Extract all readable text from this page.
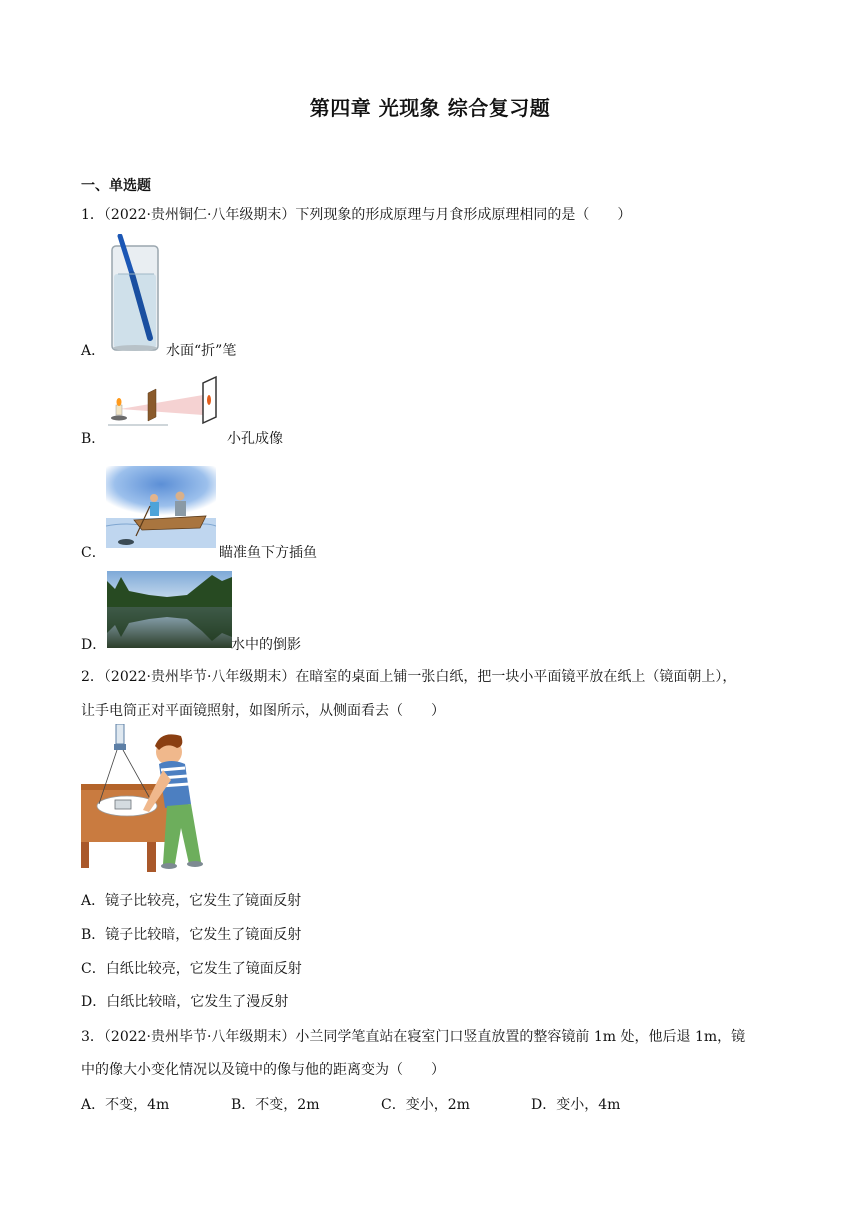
第四章 光现象 综合复习题
一、单选题
1．（2022·贵州铜仁·八年级期末）下列现象的形成原理与月食形成原理相同的是（　　）
A．	水面“折”笔
B．	小孔成像
C．	瞄准鱼下方插鱼
D．	水中的倒影
2．（2022·贵州毕节·八年级期末）在暗室的桌面上铺一张白纸，把一块小平面镜平放在纸上（镜面朝上），
让手电筒正对平面镜照射，如图所示，从侧面看去（　　）
A．镜子比较亮，它发生了镜面反射
B．镜子比较暗，它发生了镜面反射
C．白纸比较亮，它发生了镜面反射
D．白纸比较暗，它发生了漫反射
3．（2022·贵州毕节·八年级期末）小兰同学笔直站在寝室门口竖直放置的整容镜前 1m 处，他后退 1m，镜
中的像大小变化情况以及镜中的像与他的距离变为（　　）
A．不变，4m	B．不变，2m	C．变小，2m	D．变小，4m
